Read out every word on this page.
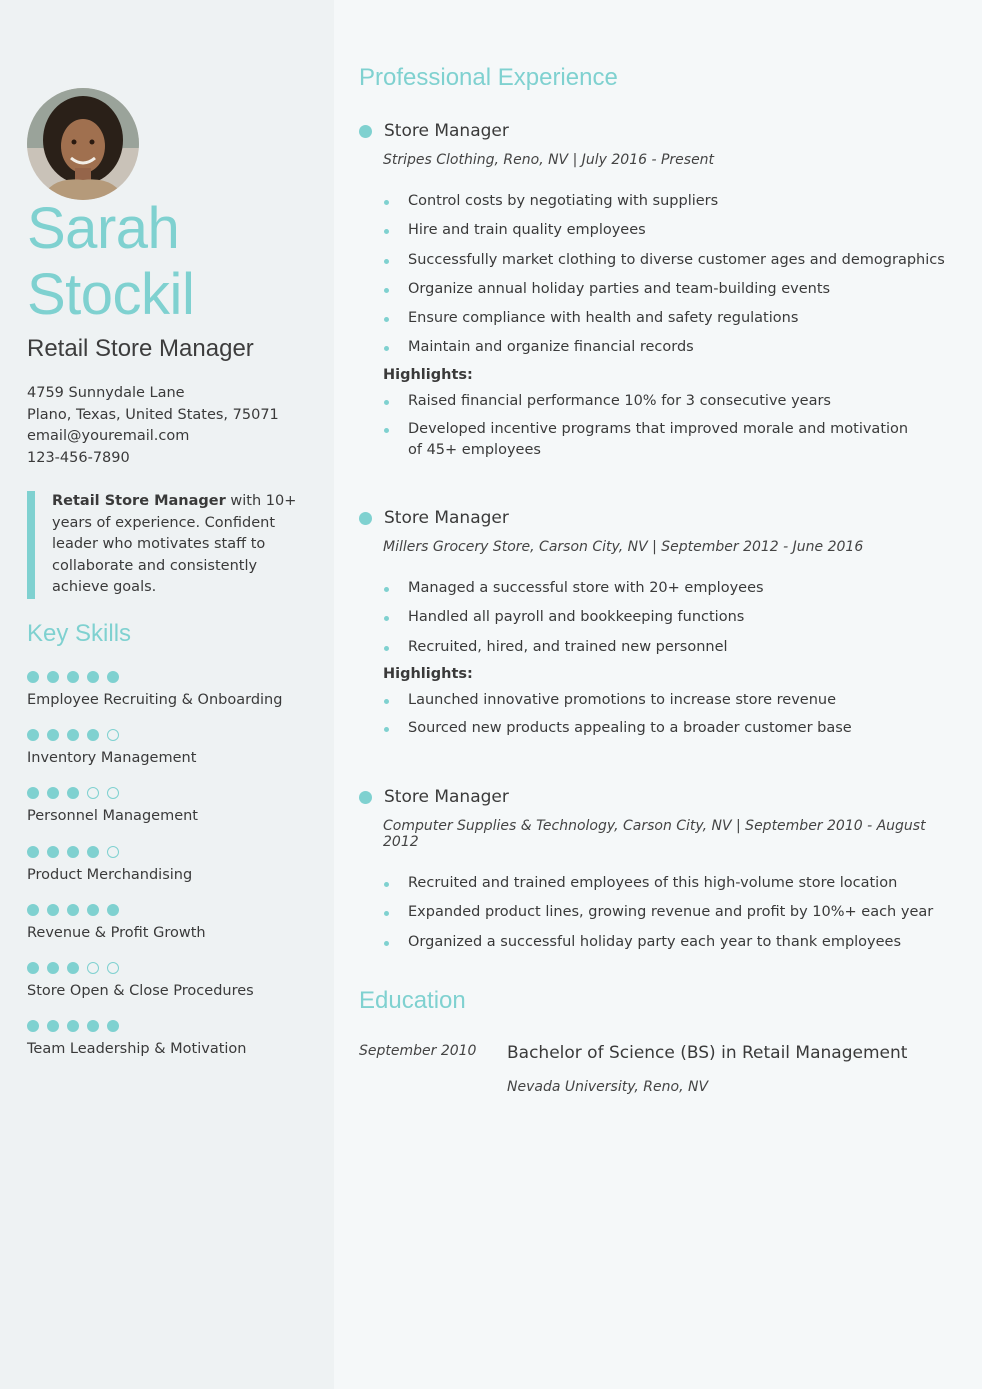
Sarah
Stockil
Retail Store Manager
4759 Sunnydale Lane
Plano, Texas, United States, 75071
email@youremail.com
123-456-7890
Retail Store Manager with 10+ years of experience. Confident leader who motivates staff to collaborate and consistently achieve goals.
Key Skills
Employee Recruiting & Onboarding
Inventory Management
Personnel Management
Product Merchandising
Revenue & Profit Growth
Store Open & Close Procedures
Team Leadership & Motivation
Professional Experience
Store Manager
Stripes Clothing, Reno, NV | July 2016 - Present
Control costs by negotiating with suppliers
Hire and train quality employees
Successfully market clothing to diverse customer ages and demographics
Organize annual holiday parties and team-building events
Ensure compliance with health and safety regulations
Maintain and organize financial records
Highlights:
Raised financial performance 10% for 3 consecutive years
Developed incentive programs that improved morale and motivation of 45+ employees
Store Manager
Millers Grocery Store, Carson City, NV | September 2012 - June 2016
Managed a successful store with 20+ employees
Handled all payroll and bookkeeping functions
Recruited, hired, and trained new personnel
Highlights:
Launched innovative promotions to increase store revenue
Sourced new products appealing to a broader customer base
Store Manager
Computer Supplies & Technology, Carson City, NV | September 2010 - August 2012
Recruited and trained employees of this high-volume store location
Expanded product lines, growing revenue and profit by 10%+ each year
Organized a successful holiday party each year to thank employees
Education
September 2010 Bachelor of Science (BS) in Retail Management
Nevada University, Reno, NV
